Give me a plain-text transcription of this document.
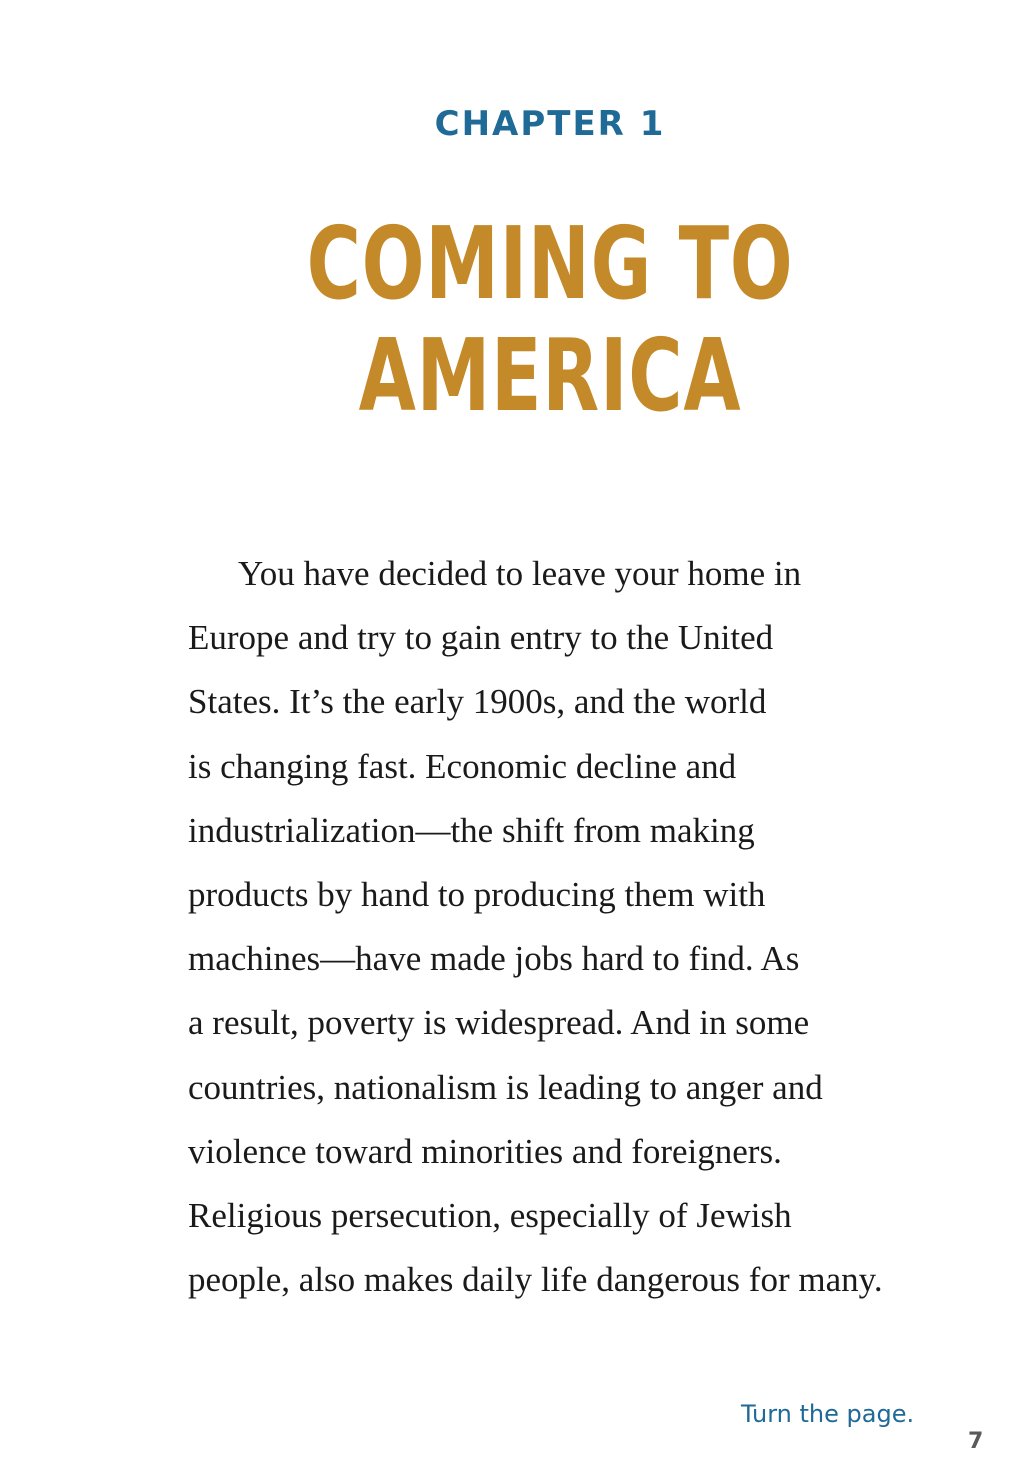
CHAPTER 1
COMING TO
AMERICA

You have decided to leave your home in
Europe and try to gain entry to the United
States. It’s the early 1900s, and the world
is changing fast. Economic decline and
industrialization—the shift from making
products by hand to producing them with
machines—have made jobs hard to find. As
a result, poverty is widespread. And in some
countries, nationalism is leading to anger and
violence toward minorities and foreigners.
Religious persecution, especially of Jewish
people, also makes daily life dangerous for many.

Turn the page.
7
